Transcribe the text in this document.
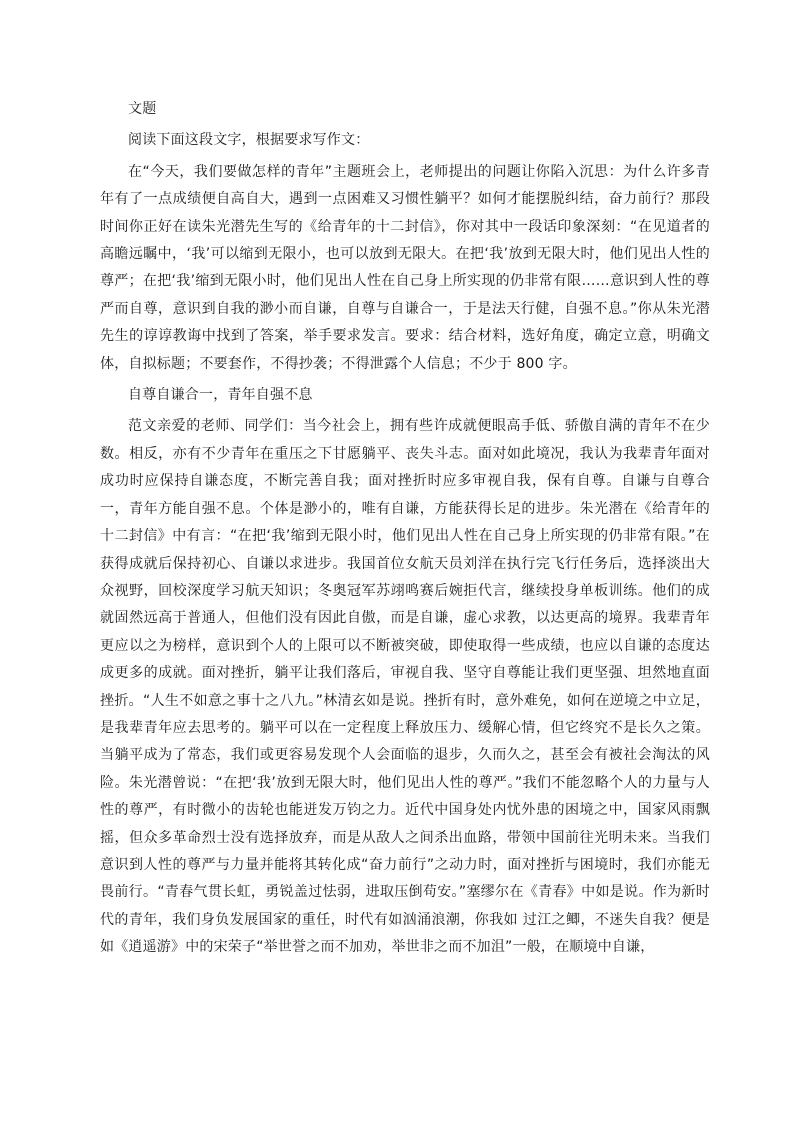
文题

阅读下面这段文字，根据要求写作文：

在“今天，我们要做怎样的青年”主题班会上，老师提出的问题让你陷入沉思：为什么许多青年有了一点成绩便自高自大，遇到一点困难又习惯性躺平？如何才能摆脱纠结，奋力前行？那段时间你正好在读朱光潜先生写的《给青年的十二封信》，你对其中一段话印象深刻：“在见道者的高瞻远瞩中，‘我’可以缩到无限小，也可以放到无限大。在把‘我’放到无限大时，他们见出人性的尊严；在把‘我’缩到无限小时，他们见出人性在自己身上所实现的仍非常有限……意识到人性的尊严而自尊，意识到自我的渺小而自谦，自尊与自谦合一，于是法天行健，自强不息。”你从朱光潜先生的谆谆教诲中找到了答案，举手要求发言。要求：结合材料，选好角度，确定立意，明确文体，自拟标题；不要套作，不得抄袭；不得泄露个人信息；不少于 800 字。

自尊自谦合一，青年自强不息

范文亲爱的老师、同学们：当今社会上，拥有些许成就便眼高手低、骄傲自满的青年不在少数。相反，亦有不少青年在重压之下甘愿躺平、丧失斗志。面对如此境况，我认为我辈青年面对成功时应保持自谦态度，不断完善自我；面对挫折时应多审视自我，保有自尊。自谦与自尊合一，青年方能自强不息。个体是渺小的，唯有自谦，方能获得长足的进步。朱光潜在《给青年的十二封信》中有言：“在把‘我’缩到无限小时，他们见出人性在自己身上所实现的仍非常有限。”在获得成就后保持初心、自谦以求进步。我国首位女航天员刘洋在执行完飞行任务后，选择淡出大众视野，回校深度学习航天知识；冬奥冠军苏翊鸣赛后婉拒代言，继续投身单板训练。他们的成就固然远高于普通人，但他们没有因此自傲，而是自谦，虚心求教，以达更高的境界。我辈青年更应以之为榜样，意识到个人的上限可以不断被突破，即使取得一些成绩，也应以自谦的态度达成更多的成就。面对挫折，躺平让我们落后，审视自我、坚守自尊能让我们更坚强、坦然地直面挫折。“人生不如意之事十之八九。”林清玄如是说。挫折有时，意外难免，如何在逆境之中立足，是我辈青年应去思考的。躺平可以在一定程度上释放压力、缓解心情，但它终究不是长久之策。当躺平成为了常态，我们或更容易发现个人会面临的退步，久而久之，甚至会有被社会淘汰的风险。朱光潜曾说：“在把‘我’放到无限大时，他们见出人性的尊严。”我们不能忽略个人的力量与人性的尊严，有时微小的齿轮也能迸发万钧之力。近代中国身处内忧外患的困境之中，国家风雨飘摇，但众多革命烈士没有选择放弃，而是从敌人之间杀出血路，带领中国前往光明未来。当我们意识到人性的尊严与力量并能将其转化成“奋力前行”之动力时，面对挫折与困境时，我们亦能无畏前行。“青春气贯长虹，勇锐盖过怯弱，进取压倒苟安。”塞缪尔在《青春》中如是说。作为新时代的青年，我们身负发展国家的重任，时代有如汹涌浪潮，你我如 过江之鲫，不迷失自我？便是如《逍遥游》中的宋荣子“举世誉之而不加劝，举世非之而不加沮”一般，在顺境中自谦，
